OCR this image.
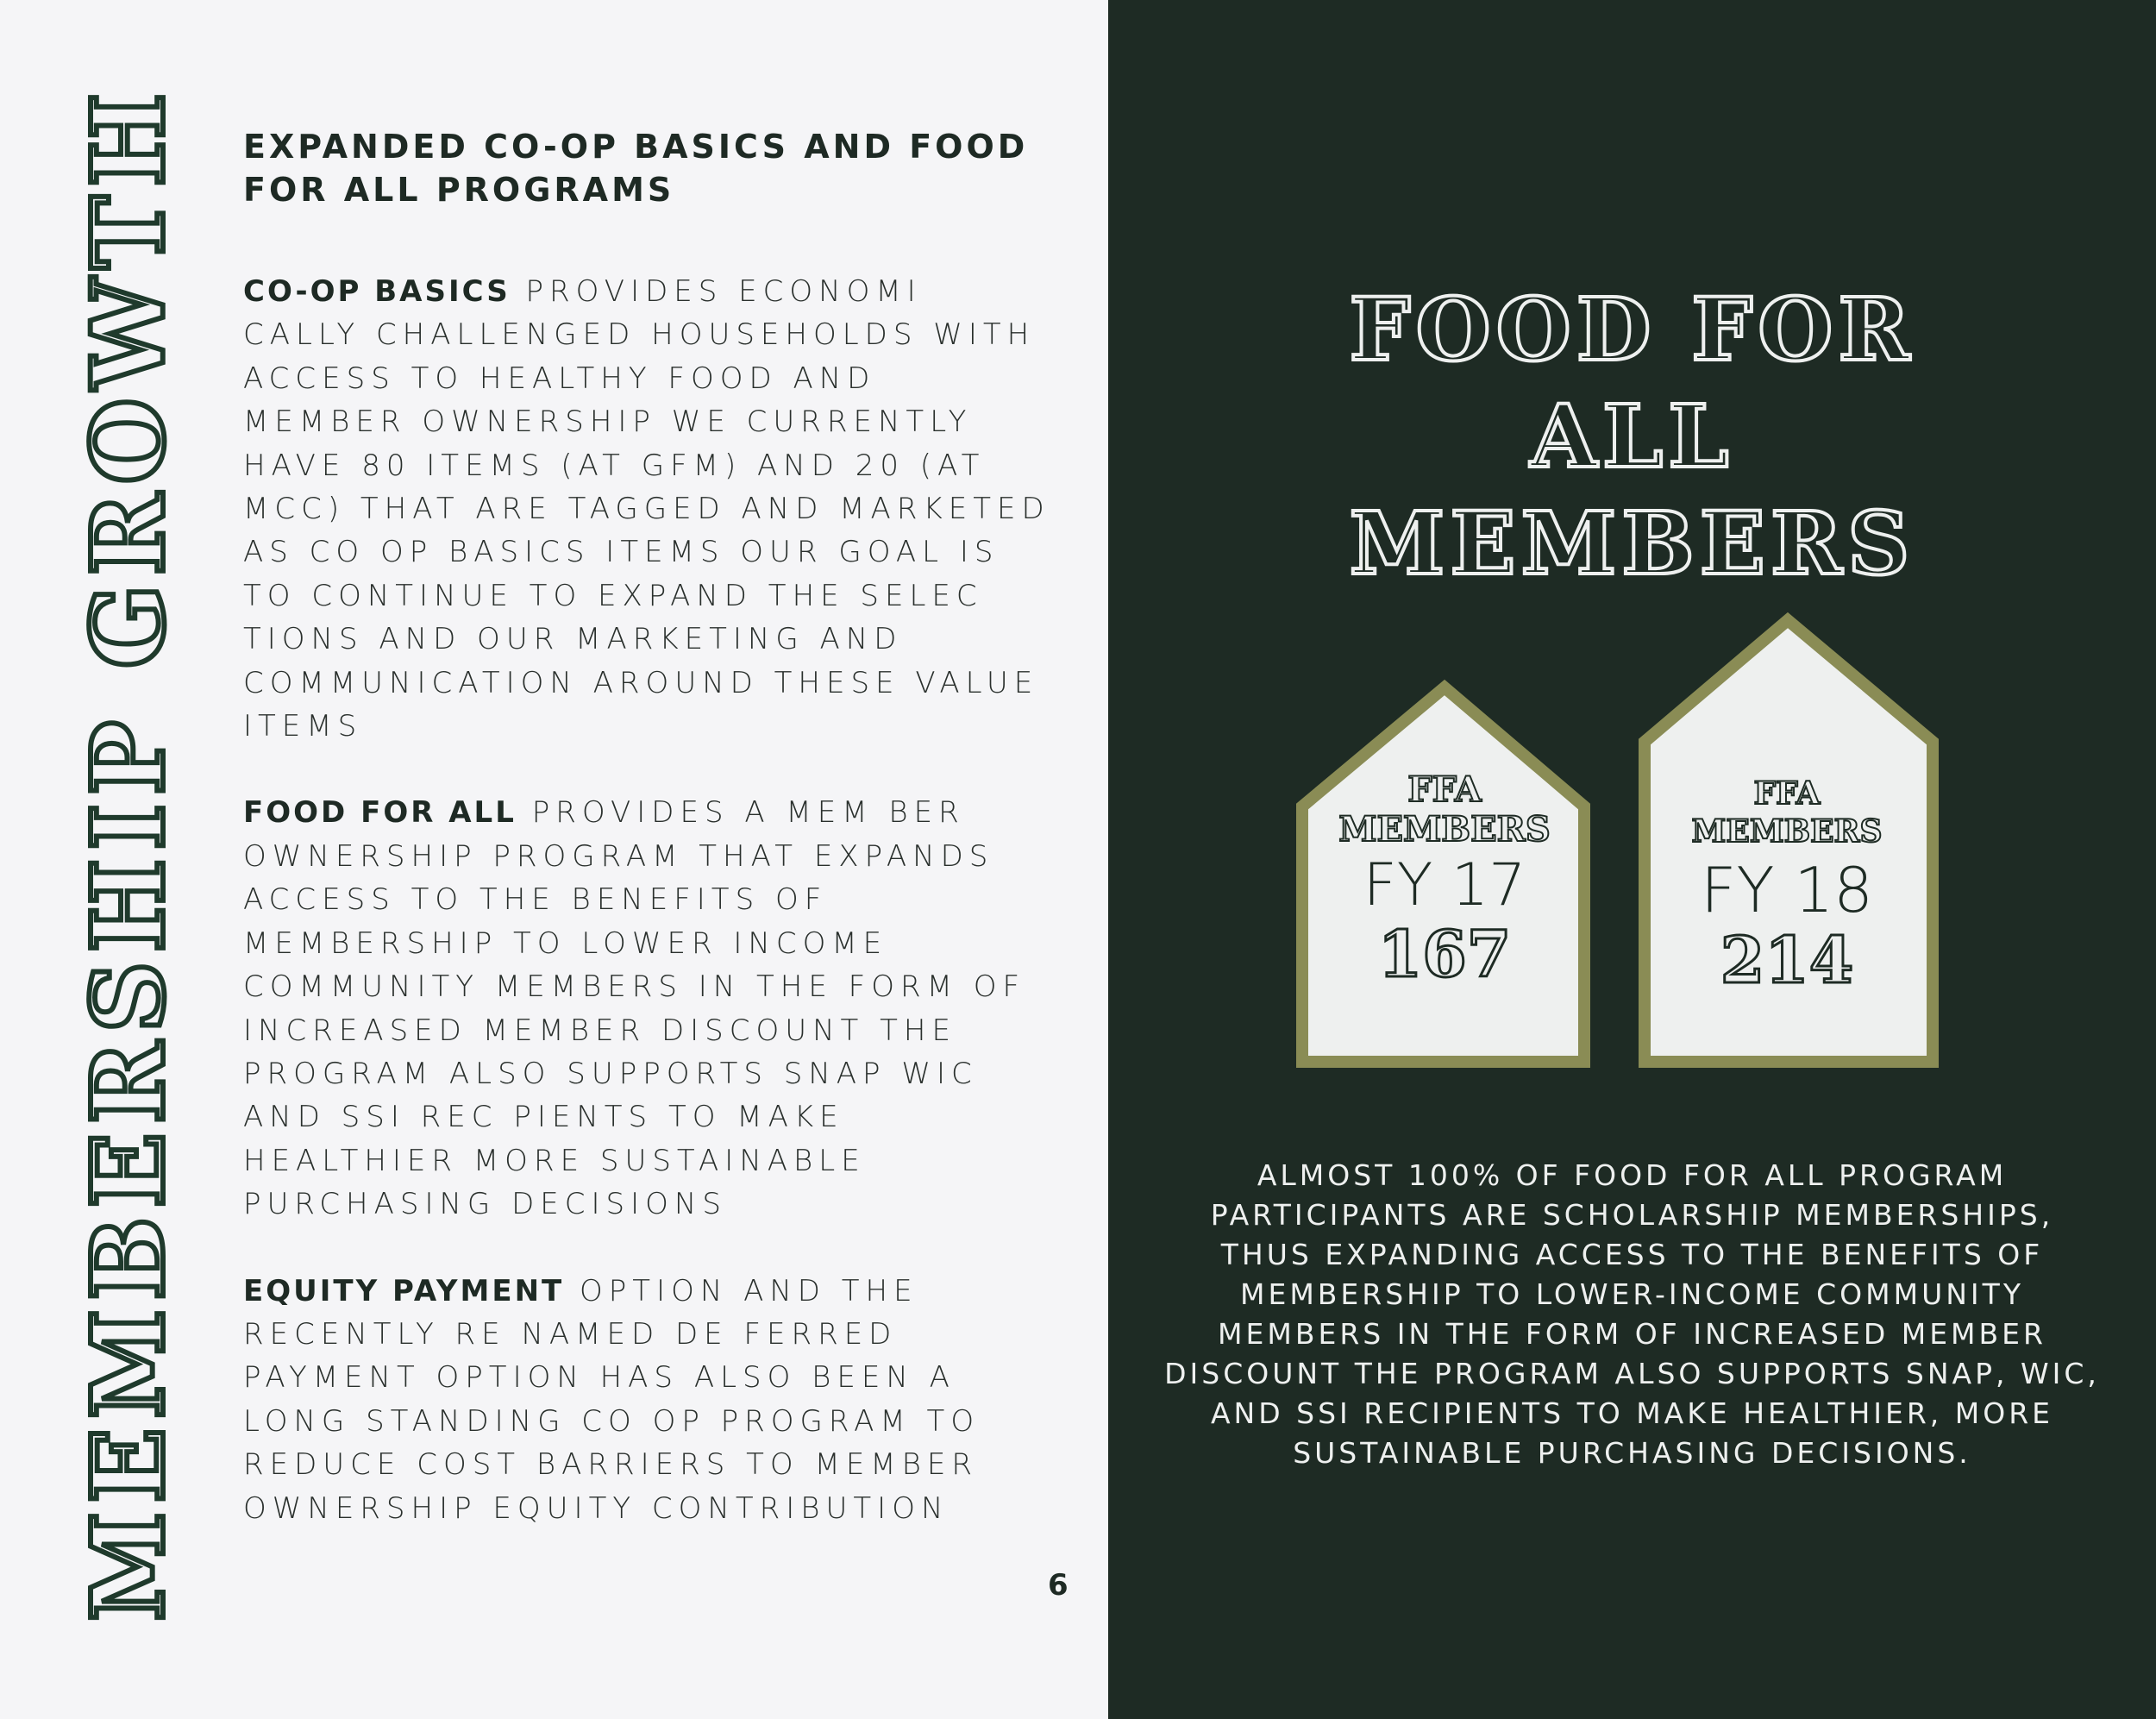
MEMBERSHIP GROWTH EXPANDED CO-OP BASICS AND FOOD FOR ALL PROGRAMS

CO-OP BASICS PROVIDES ECONOMI CALLY CHALLENGED HOUSEHOLDS WITH ACCESS TO HEALTHY FOOD AND MEMBER OWNERSHIP WE CURRENTLY HAVE 80 ITEMS (AT GFM) AND 20 (AT MCC) THAT ARE TAGGED AND MARKETED AS CO OP BASICS ITEMS OUR GOAL IS TO CONTINUE TO EXPAND THE SELEC TIONS AND OUR MARKETING AND COMMUNICATION AROUND THESE VALUE ITEMS

FOOD FOR ALL PROVIDES A MEM BER OWNERSHIP PROGRAM THAT EXPANDS ACCESS TO THE BENEFITS OF MEMBERSHIP TO LOWER INCOME COMMUNITY MEMBERS IN THE FORM OF INCREASED MEMBER DISCOUNT THE PROGRAM ALSO SUPPORTS SNAP WIC AND SSI REC PIENTS TO MAKE HEALTHIER MORE SUSTAINABLE PURCHASING DECISIONS

EQUITY PAYMENT OPTION AND THE RECENTLY RE NAMED DE FERRED PAYMENT OPTION HAS ALSO BEEN A LONG STANDING CO OP PROGRAM TO REDUCE COST BARRIERS TO MEMBER OWNERSHIP EQUITY CONTRIBUTION

6
FOOD FOR
ALL
MEMBERS
FFA
MEMBERS
FY 17
167
FFA
MEMBERS
FY 18
214

ALMOST 100% OF FOOD FOR ALL PROGRAM PARTICIPANTS ARE SCHOLARSHIP MEMBERSHIPS, THUS EXPANDING ACCESS TO THE BENEFITS OF MEMBERSHIP TO LOWER-INCOME COMMUNITY MEMBERS IN THE FORM OF INCREASED MEMBER DISCOUNT THE PROGRAM ALSO SUPPORTS SNAP, WIC, AND SSI RECIPIENTS TO MAKE HEALTHIER, MORE SUSTAINABLE PURCHASING DECISIONS.
